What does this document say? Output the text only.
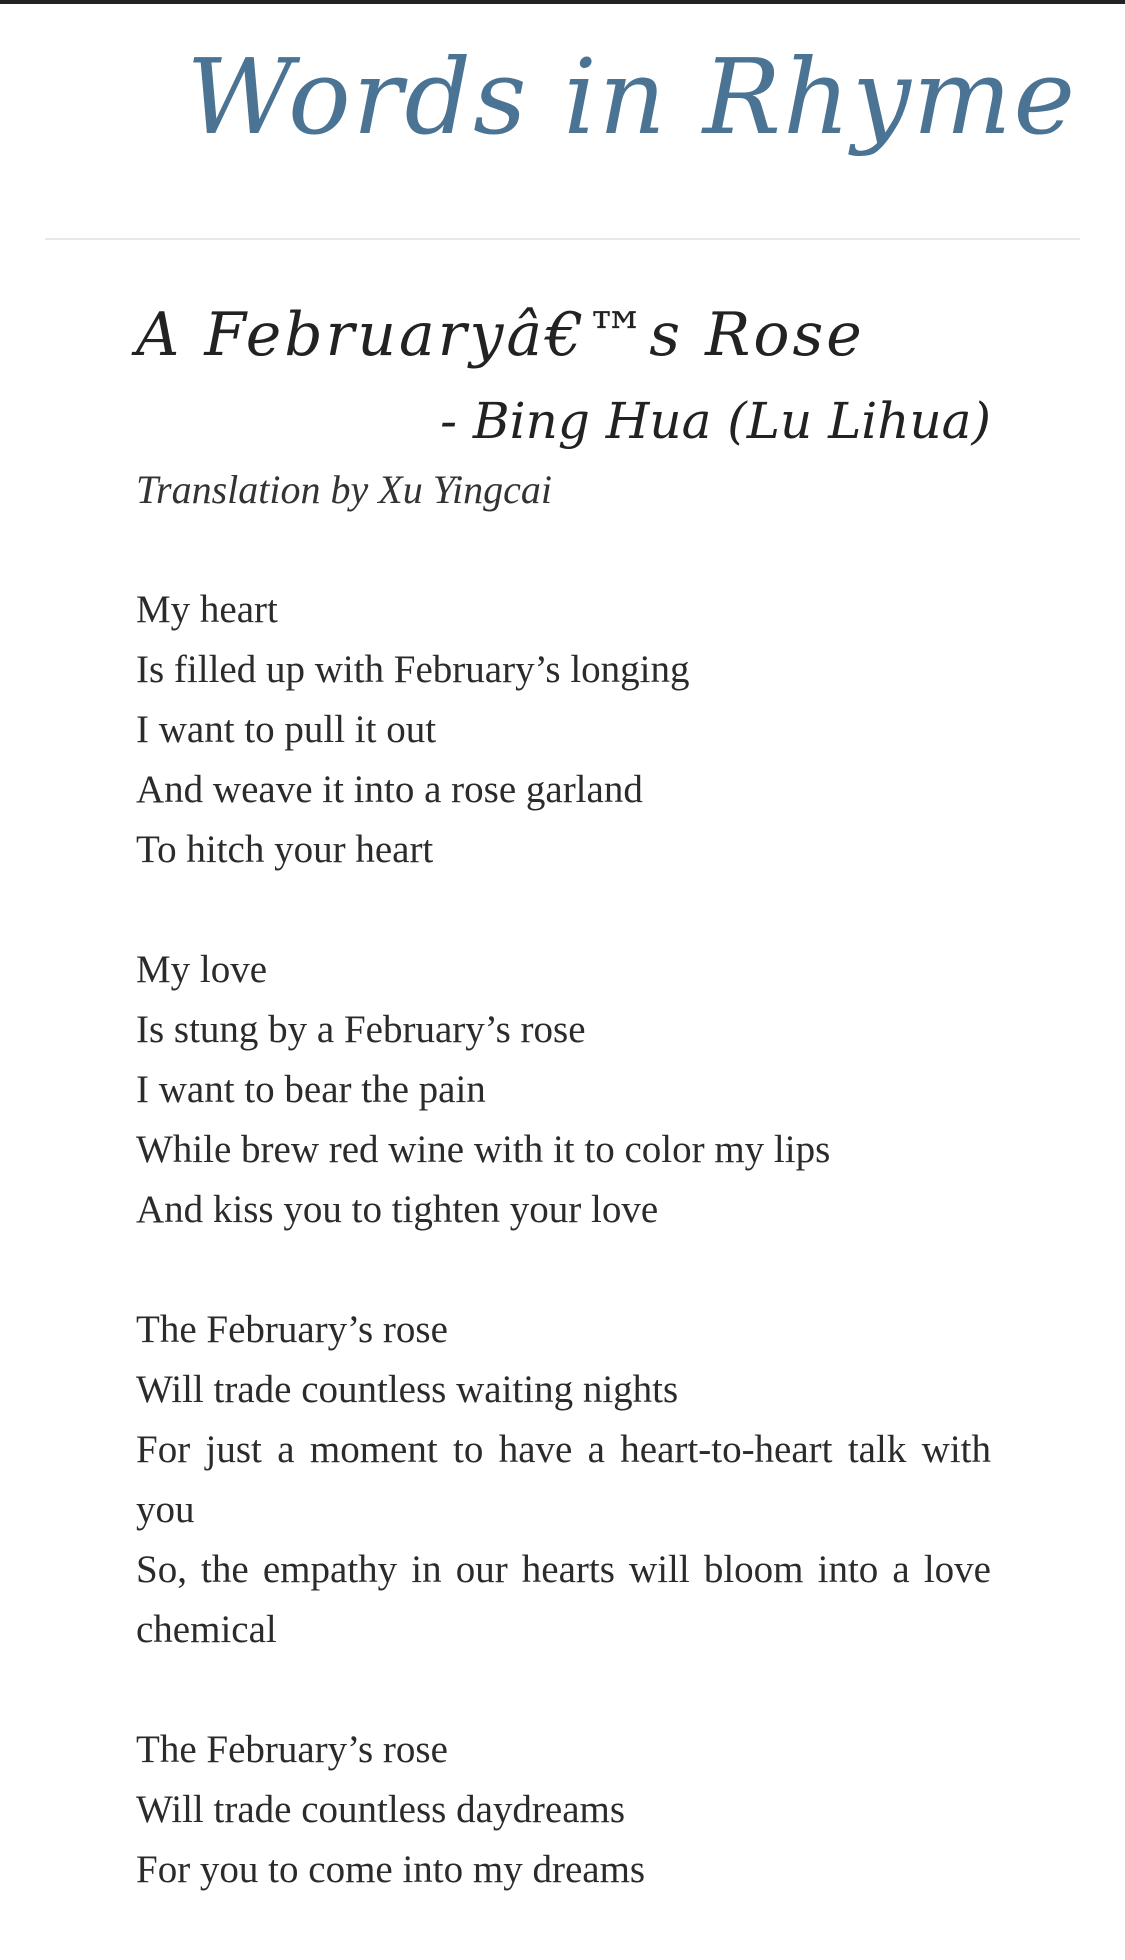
Words in Rhyme
A Februaryâ€™s Rose

- Bing Hua (Lu Lihua)

Translation by Xu Yingcai

My heart
Is filled up with February’s longing
I want to pull it out
And weave it into a rose garland
To hitch your heart

My love
Is stung by a February’s rose
I want to bear the pain
While brew red wine with it to color my lips
And kiss you to tighten your love

The February’s rose
Will trade countless waiting nights
For just a moment to have a heart-to-heart talk with you
So, the empathy in our hearts will bloom into a love chemical

The February’s rose
Will trade countless daydreams
For you to come into my dreams
